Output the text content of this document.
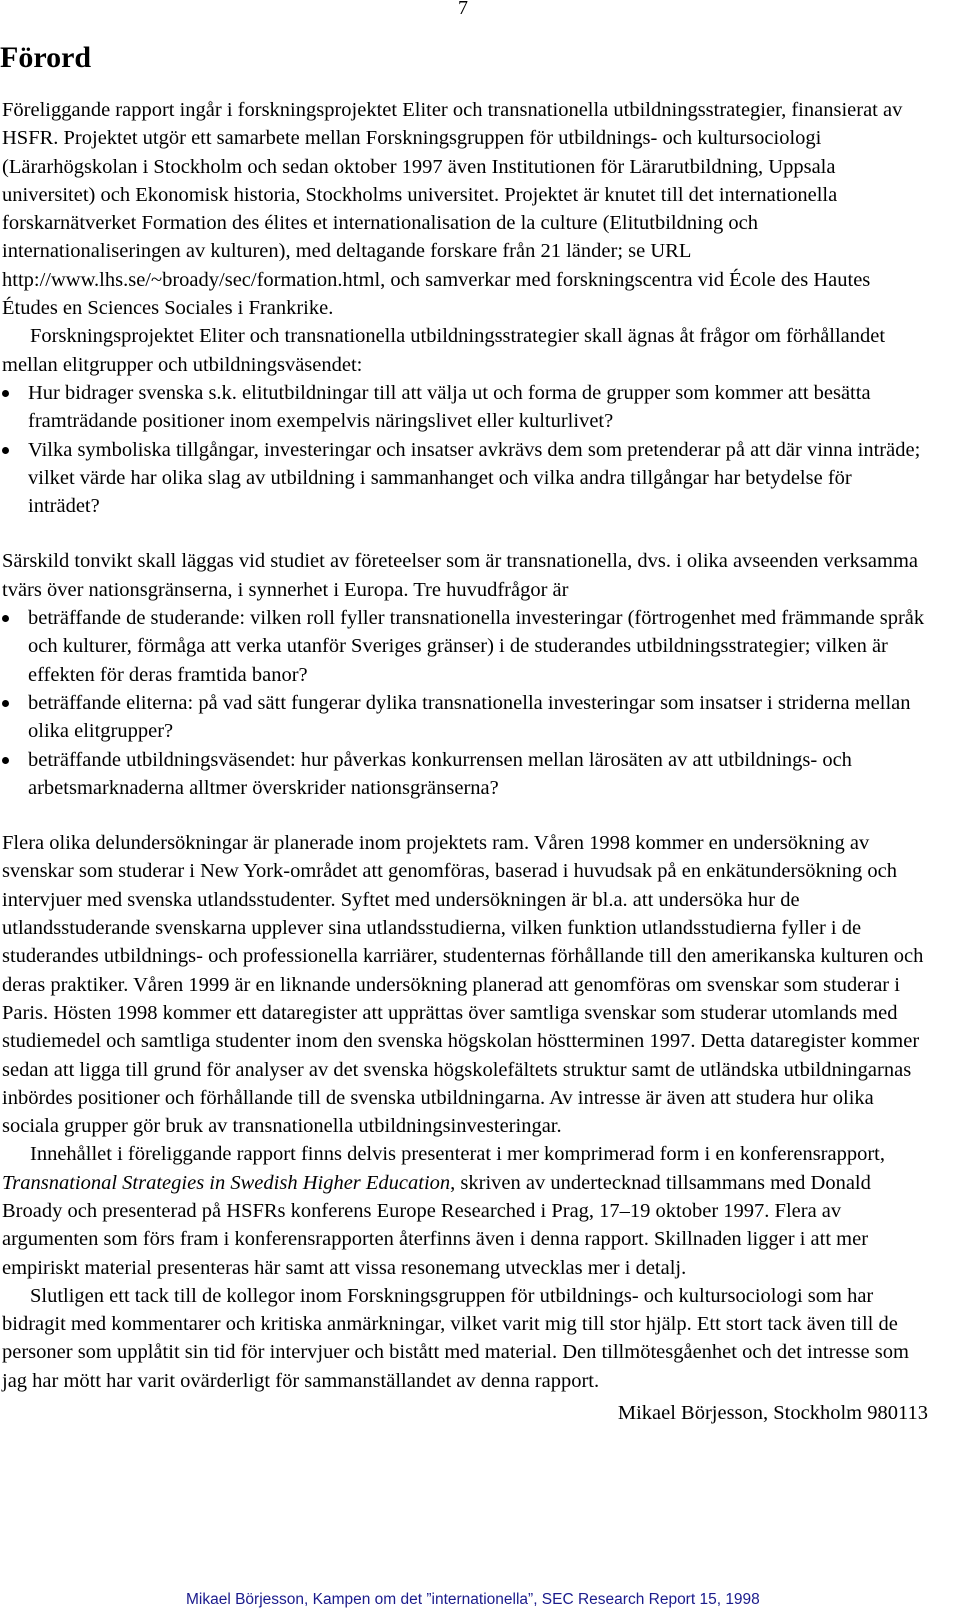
7
Förord

Föreliggande rapport ingår i forskningsprojektet Eliter och transnationella utbildningsstrategier, finansierat av HSFR. Projektet utgör ett samarbete mellan Forskningsgruppen för utbildnings- och kultursociologi (Lärarhögskolan i Stockholm och sedan oktober 1997 även Institutionen för Lärarutbildning, Uppsala universitet) och Ekonomisk historia, Stockholms universitet. Projektet är knutet till det internationella forskarnätverket Formation des élites et internationalisation de la culture (Elitutbildning och internationaliseringen av kulturen), med deltagande forskare från 21 länder; se URL http://www.lhs.se/~broady/sec/formation.html, och samverkar med forskningscentra vid École des Hautes Études en Sciences Sociales i Frankrike.

Forskningsprojektet Eliter och transnationella utbildningsstrategier skall ägnas åt frågor om förhållandet mellan elitgrupper och utbildningsväsendet:

Hur bidrager svenska s.k. elitutbildningar till att välja ut och forma de grupper som kommer att besätta framträdande positioner inom exempelvis näringslivet eller kulturlivet?
Vilka symboliska tillgångar, investeringar och insatser avkrävs dem som pretenderar på att där vinna inträde; vilket värde har olika slag av utbildning i sammanhanget och vilka andra tillgångar har betydelse för inträdet?

Särskild tonvikt skall läggas vid studiet av företeelser som är transnationella, dvs. i olika avseenden verksamma tvärs över nationsgränserna, i synnerhet i Europa. Tre huvudfrågor är

beträffande de studerande: vilken roll fyller transnationella investeringar (förtrogenhet med främmande språk och kulturer, förmåga att verka utanför Sveriges gränser) i de studerandes utbildningsstrategier; vilken är effekten för deras framtida banor?
beträffande eliterna: på vad sätt fungerar dylika transnationella investeringar som insatser i striderna mellan olika elitgrupper?
beträffande utbildningsväsendet: hur påverkas konkurrensen mellan lärosäten av att utbildnings- och arbetsmarknaderna alltmer överskrider nationsgränserna?

Flera olika delundersökningar är planerade inom projektets ram. Våren 1998 kommer en undersökning av svenskar som studerar i New York-området att genomföras, baserad i huvudsak på en enkätundersökning och intervjuer med svenska utlandsstudenter. Syftet med undersökningen är bl.a. att undersöka hur de utlandsstuderande svenskarna upplever sina utlandsstudierna, vilken funktion utlandsstudierna fyller i de studerandes utbildnings- och professionella karriärer, studenternas förhållande till den amerikanska kulturen och deras praktiker. Våren 1999 är en liknande undersökning planerad att genomföras om svenskar som studerar i Paris. Hösten 1998 kommer ett dataregister att upprättas över samtliga svenskar som studerar utomlands med studiemedel och samtliga studenter inom den svenska högskolan höstterminen 1997. Detta dataregister kommer sedan att ligga till grund för analyser av det svenska högskolefältets struktur samt de utländska utbildningarnas inbördes positioner och förhållande till de svenska utbildningarna. Av intresse är även att studera hur olika sociala grupper gör bruk av transnationella utbildningsinvesteringar.

Innehållet i föreliggande rapport finns delvis presenterat i mer komprimerad form i en konferensrapport, Transnational Strategies in Swedish Higher Education, skriven av undertecknad tillsammans med Donald Broady och presenterad på HSFRs konferens Europe Researched i Prag, 17–19 oktober 1997. Flera av argumenten som förs fram i konferensrapporten återfinns även i denna rapport. Skillnaden ligger i att mer empiriskt material presenteras här samt att vissa resonemang utvecklas mer i detalj.

Slutligen ett tack till de kollegor inom Forskningsgruppen för utbildnings- och kultursociologi som har bidragit med kommentarer och kritiska anmärkningar, vilket varit mig till stor hjälp. Ett stort tack även till de personer som upplåtit sin tid för intervjuer och bistått med material. Den tillmötesgåenhet och det intresse som jag har mött har varit ovärderligt för sammanställandet av denna rapport.

Mikael Börjesson, Stockholm 980113

Mikael Börjesson, Kampen om det ”internationella”, SEC Research Report 15, 1998
